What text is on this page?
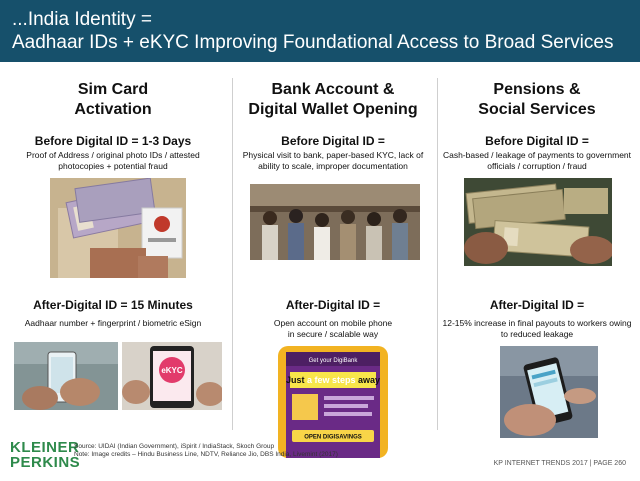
...India Identity =
Aadhaar IDs + eKYC Improving Foundational Access to Broad Services
Sim Card
Activation
Before Digital ID = 1-3 Days
Proof of Address / original photo IDs / attested photocopies + potential fraud
After-Digital ID = 15 Minutes
Aadhaar number + fingerprint / biometric eSign
eKYC
Bank Account &
Digital Wallet Opening
Before Digital ID =
Physical visit to bank, paper-based KYC, lack of ability to scale, improper documentation
After-Digital ID =
Open account on mobile phone
in secure / scalable way
Get your DigiBank
Just a few steps away
OPEN DIGISAVINGS
Pensions &
Social Services
Before Digital ID =
Cash-based / leakage of payments to government officials / corruption / fraud
After-Digital ID =
12-15% increase in final payouts to workers owing to reduced leakage
KLEINER
PERKINS
Source: UIDAI (Indian Government), iSpirit / IndiaStack, Skoch Group
Note: Image credits – Hindu Business Line, NDTV, Reliance Jio, DBS India, Livemint (2017)
KP INTERNET TRENDS 2017 | PAGE 260
